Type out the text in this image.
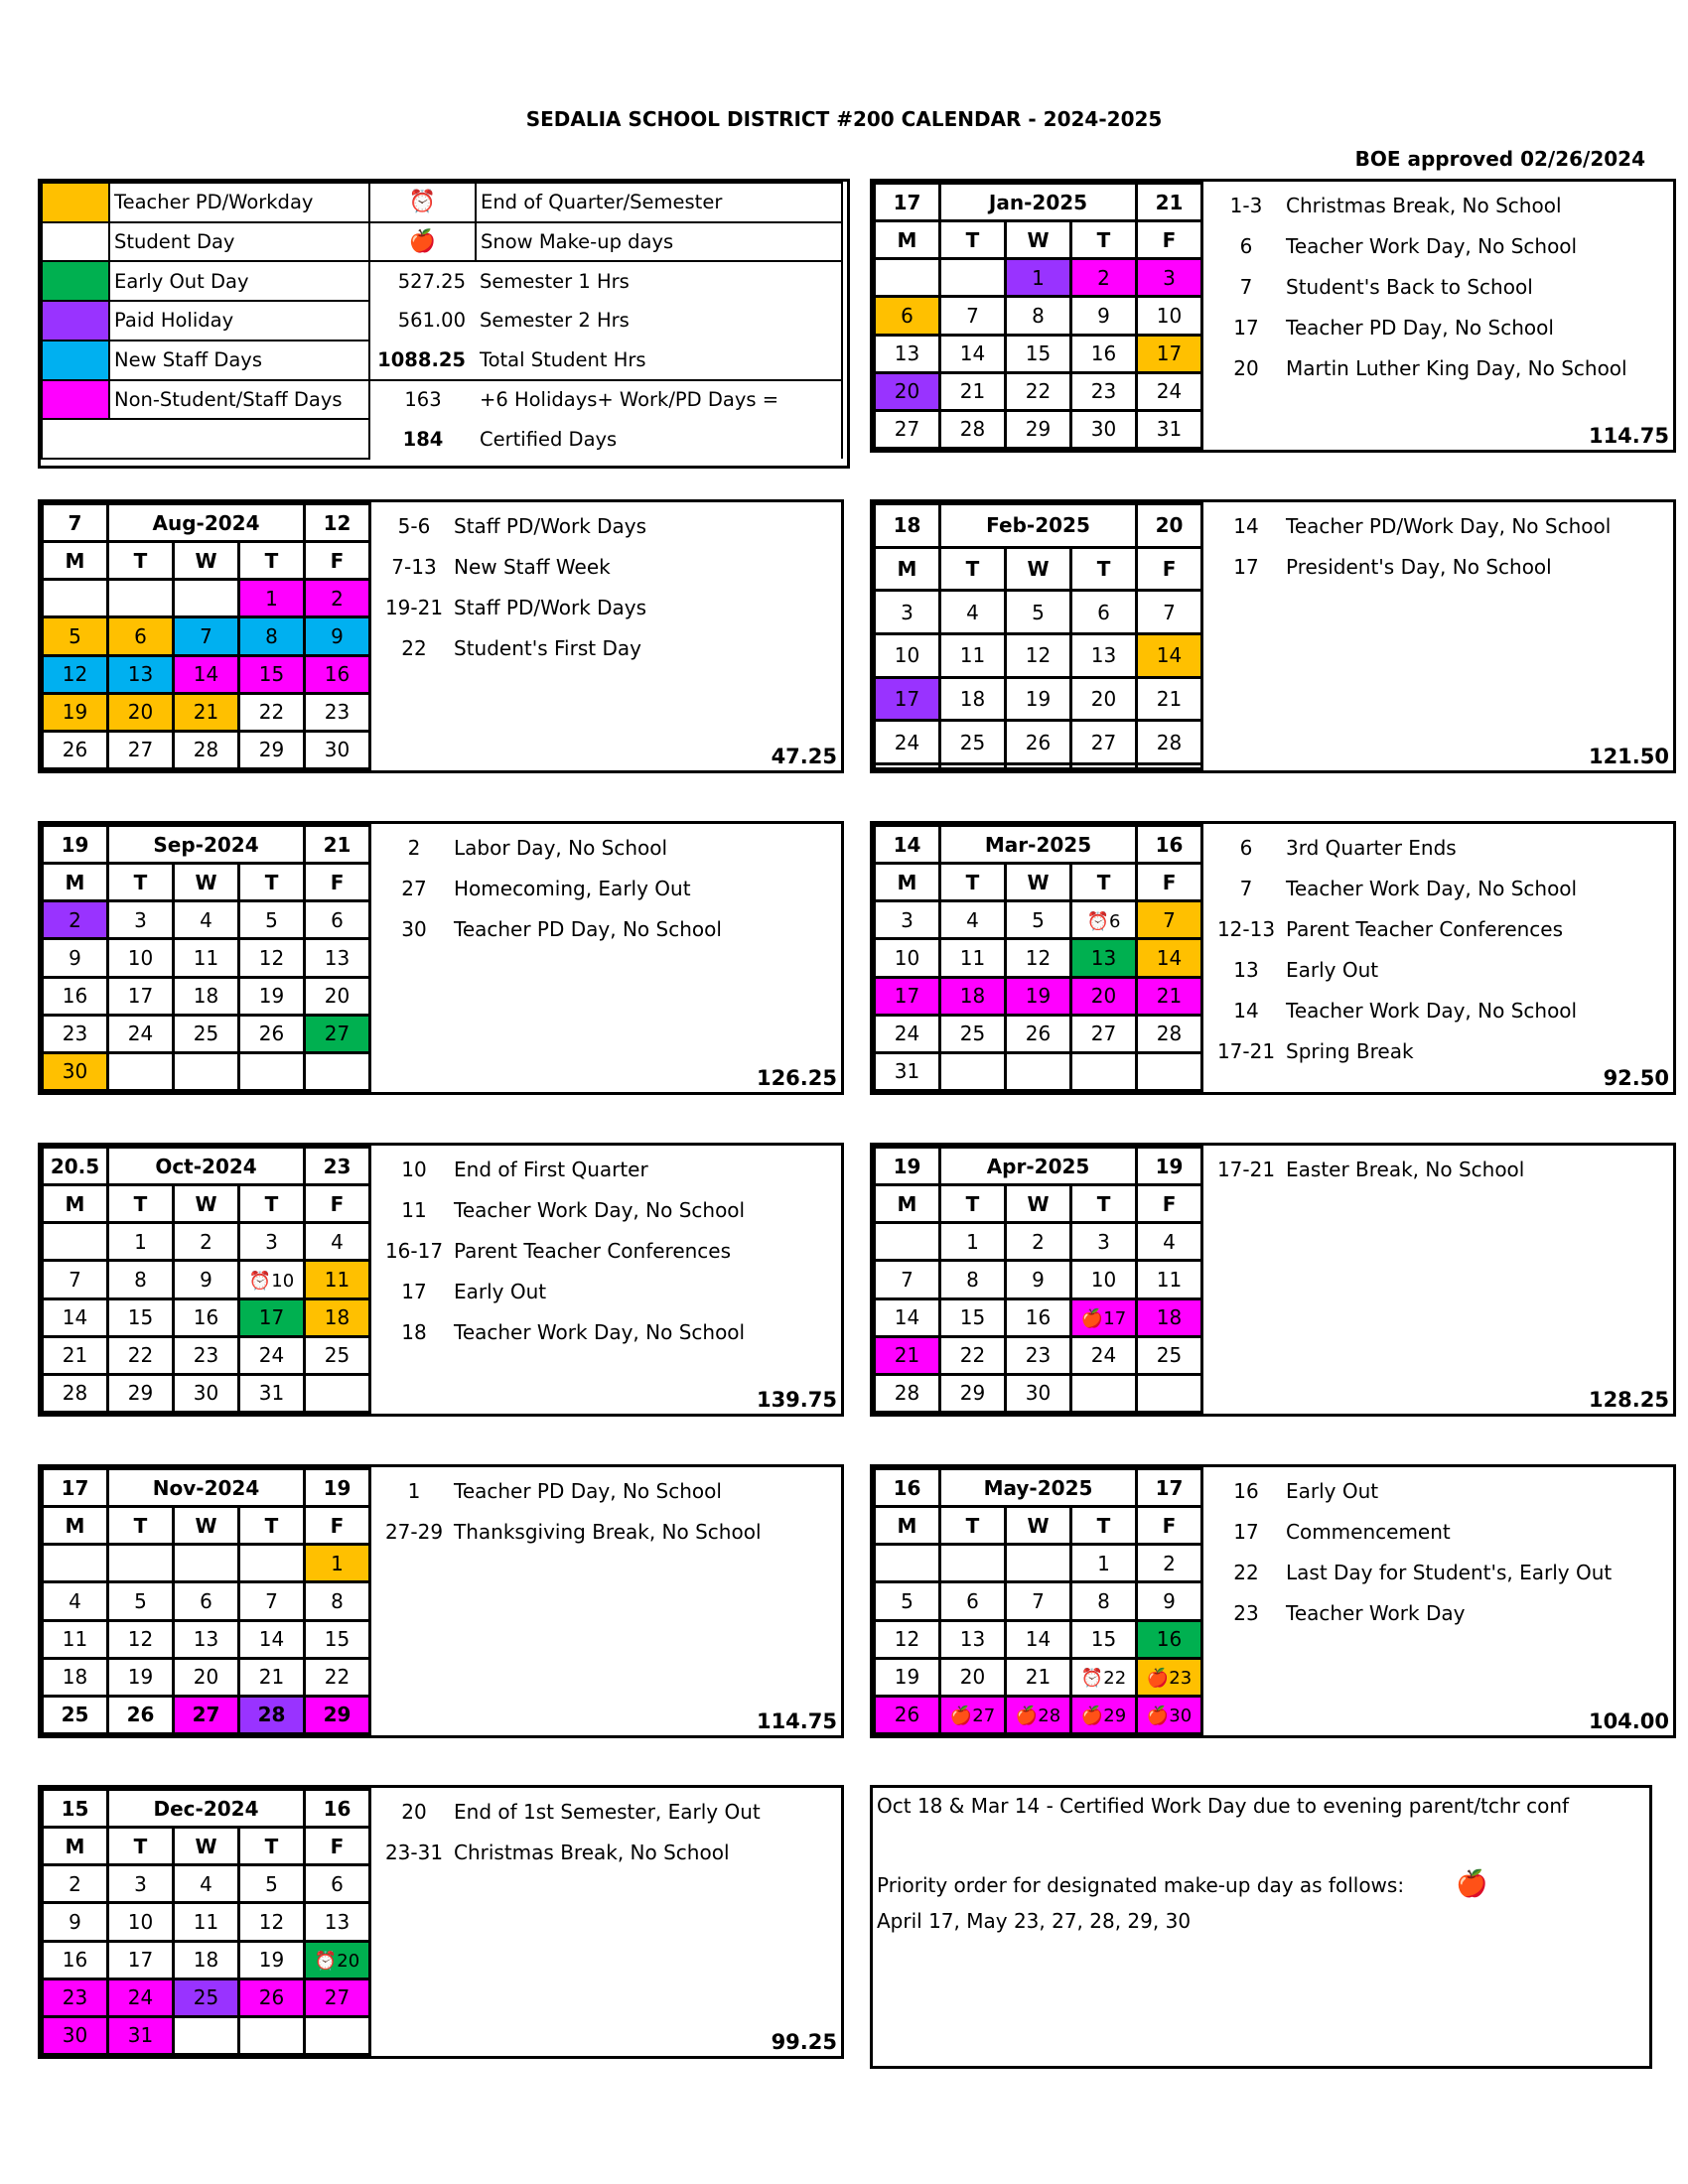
SEDALIA SCHOOL DISTRICT #200 CALENDAR - 2024-2025
BOE approved 02/26/2024
	Teacher PD/Workday	⏰	End of Quarter/Semester
	Student Day	🍎	Snow Make-up days
	Early Out Day	527.25	Semester 1 Hrs
	Paid Holiday	561.00	Semester 2 Hrs
	New Staff Days	1088.25	Total Student Hrs
	Non-Student/Staff Days	163	+6 Holidays+ Work/PD Days =
		184	Certified Days
7	Aug-2024			12
M	T	W	T	F
			1	2
5	6	7	8	9
12	13	14	15	16
19	20	21	22	23
26	27	28	29	30
5-6 Staff PD/Work Days
7-13 New Staff Week
19-21 Staff PD/Work Days
22 Student's First Day
47.25
17	Jan-2025			21
M	T	W	T	F
		1	2	3
6	7	8	9	10
13	14	15	16	17
20	21	22	23	24
27	28	29	30	31
1-3 Christmas Break, No School
6 Teacher Work Day, No School
7 Student's Back to School
17 Teacher PD Day, No School
20 Martin Luther King Day, No School
114.75
19	Sep-2024			21
M	T	W	T	F
2	3	4	5	6
9	10	11	12	13
16	17	18	19	20
23	24	25	26	27
30				
2 Labor Day, No School
27 Homecoming, Early Out
30 Teacher PD Day, No School
126.25
18	Feb-2025			20
M	T	W	T	F
3	4	5	6	7
10	11	12	13	14
17	18	19	20	21
24	25	26	27	28

14 Teacher PD/Work Day, No School
17 President's Day, No School
121.50
20.5	Oct-2024			23
M	T	W	T	F
	1	2	3	4
7	8	9	⏰10	11
14	15	16	17	18
21	22	23	24	25
28	29	30	31	
10 End of First Quarter
11 Teacher Work Day, No School
16-17 Parent Teacher Conferences
17 Early Out
18 Teacher Work Day, No School
139.75
14	Mar-2025			16
M	T	W	T	F
3	4	5	⏰6	7
10	11	12	13	14
17	18	19	20	21
24	25	26	27	28
31				
6 3rd Quarter Ends
7 Teacher Work Day, No School
12-13 Parent Teacher Conferences
13 Early Out
14 Teacher Work Day, No School
17-21 Spring Break
92.50
17	Nov-2024			19
M	T	W	T	F
				1
4	5	6	7	8
11	12	13	14	15
18	19	20	21	22
25	26	27	28	29
1 Teacher PD Day, No School
27-29 Thanksgiving Break, No School
114.75
19	Apr-2025			19
M	T	W	T	F
	1	2	3	4
7	8	9	10	11
14	15	16	🍎17	18
21	22	23	24	25
28	29	30		
17-21 Easter Break, No School
128.25
15	Dec-2024			16
M	T	W	T	F
2	3	4	5	6
9	10	11	12	13
16	17	18	19	⏰20
23	24	25	26	27
30	31			
20 End of 1st Semester, Early Out
23-31 Christmas Break, No School
99.25
16	May-2025			17
M	T	W	T	F
			1	2
5	6	7	8	9
12	13	14	15	16
19	20	21	⏰22	🍎23
26	🍎27	🍎28	🍎29	🍎30
16 Early Out
17 Commencement
22 Last Day for Student's, Early Out
23 Teacher Work Day
104.00
Oct 18 & Mar 14 - Certified Work Day due to evening parent/tchr conf
Priority order for designated make-up day as follows: 🍎
April 17, May 23, 27, 28, 29, 30
